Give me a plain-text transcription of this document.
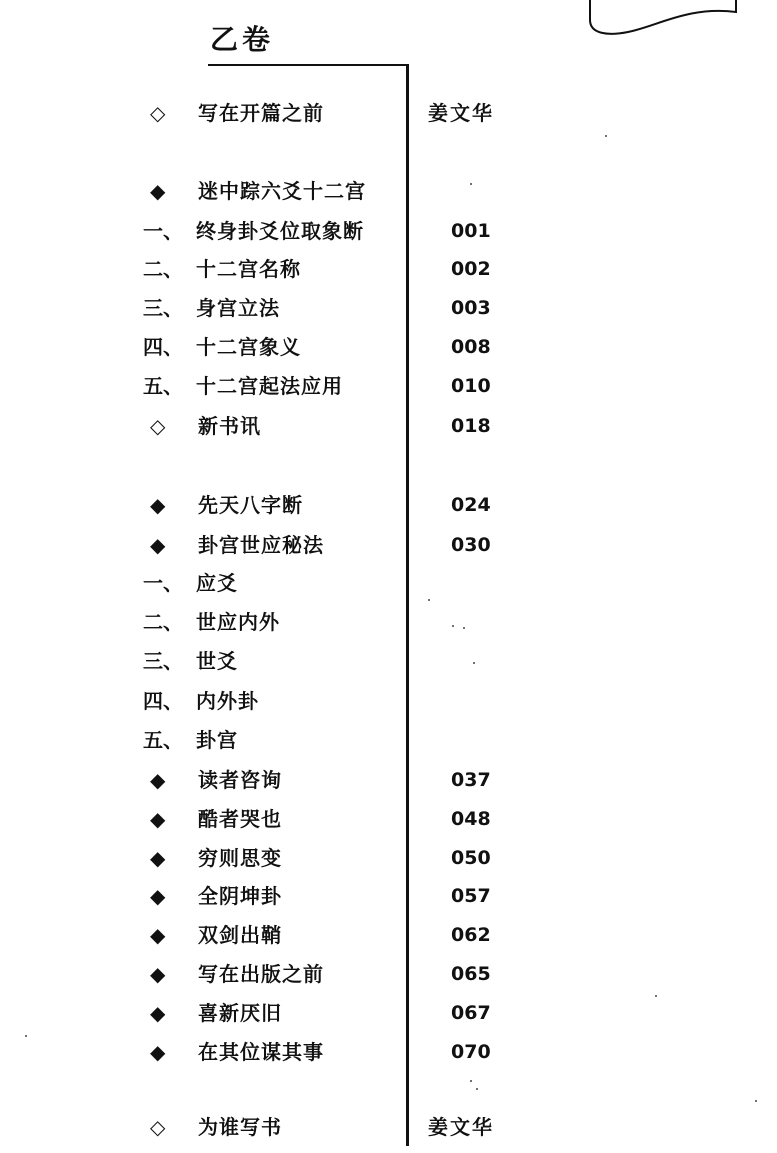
乙卷
◇ 写在开篇之前	姜文华
◆ 迷中踪六爻十二宫
一、 终身卦爻位取象断	001
二、 十二宫名称	002
三、 身宫立法	003
四、 十二宫象义	008
五、 十二宫起法应用	010
◇ 新书讯	018
◆ 先天八字断	024
◆ 卦宫世应秘法	030
一、 应爻
二、 世应内外
三、 世爻
四、 内外卦
五、 卦宫
◆ 读者咨询	037
◆ 酷者哭也	048
◆ 穷则思变	050
◆ 全阴坤卦	057
◆ 双剑出鞘	062
◆ 写在出版之前	065
◆ 喜新厌旧	067
◆ 在其位谋其事	070
◇ 为谁写书	姜文华
